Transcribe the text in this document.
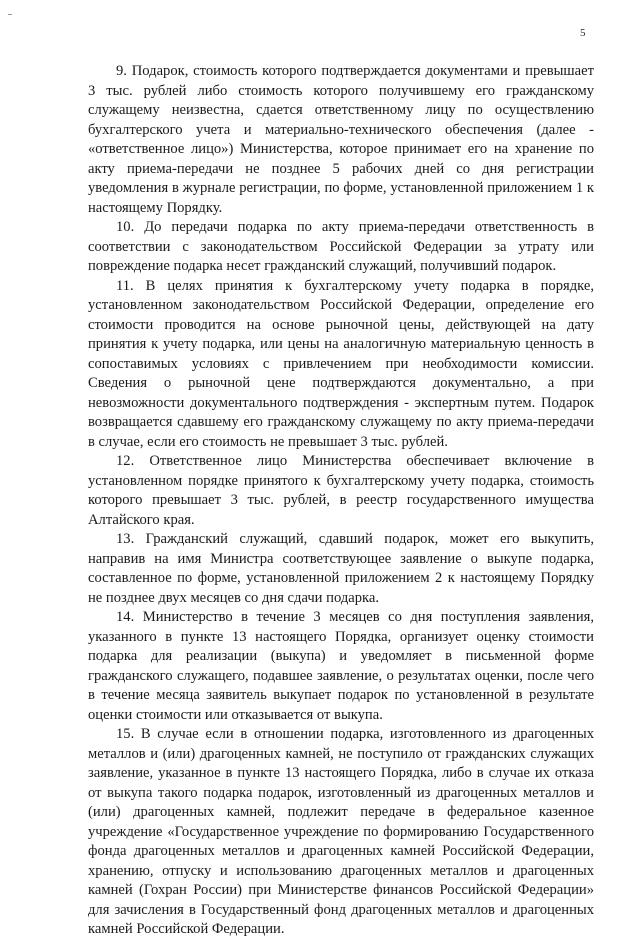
5

9. Подарок, стоимость которого подтверждается документами и превышает 3 тыс. рублей либо стоимость которого получившему его гражданскому служащему неизвестна, сдается ответственному лицу по осуществлению бухгалтерского учета и материально-технического обеспечения (далее - «ответственное лицо») Министерства, которое принимает его на хранение по акту приема-передачи не позднее 5 рабочих дней со дня регистрации уведомления в журнале регистрации, по форме, установленной приложением 1 к настоящему Порядку.

10. До передачи подарка по акту приема-передачи ответственность в соответствии с законодательством Российской Федерации за утрату или повреждение подарка несет гражданский служащий, получивший подарок.

11. В целях принятия к бухгалтерскому учету подарка в порядке, установленном законодательством Российской Федерации, определение его стоимости проводится на основе рыночной цены, действующей на дату принятия к учету подарка, или цены на аналогичную материальную ценность в сопоставимых условиях с привлечением при необходимости комиссии. Сведения о рыночной цене подтверждаются документально, а при невозможности документального подтверждения - экспертным путем. Подарок возвращается сдавшему его гражданскому служащему по акту приема-передачи в случае, если его стоимость не превышает 3 тыс. рублей.

12. Ответственное лицо Министерства обеспечивает включение в установленном порядке принятого к бухгалтерскому учету подарка, стоимость которого превышает 3 тыс. рублей, в реестр государственного имущества Алтайского края.

13. Гражданский служащий, сдавший подарок, может его выкупить, направив на имя Министра соответствующее заявление о выкупе подарка, составленное по форме, установленной приложением 2 к настоящему Порядку не позднее двух месяцев со дня сдачи подарка.

14. Министерство в течение 3 месяцев со дня поступления заявления, указанного в пункте 13 настоящего Порядка, организует оценку стоимости подарка для реализации (выкупа) и уведомляет в письменной форме гражданского служащего, подавшее заявление, о результатах оценки, после чего в течение месяца заявитель выкупает подарок по установленной в результате оценки стоимости или отказывается от выкупа.

15. В случае если в отношении подарка, изготовленного из драгоценных металлов и (или) драгоценных камней, не поступило от гражданских служащих заявление, указанное в пункте 13 настоящего Порядка, либо в случае их отказа от выкупа такого подарка подарок, изготовленный из драгоценных металлов и (или) драгоценных камней, подлежит передаче в федеральное казенное учреждение «Государственное учреждение по формированию Государственного фонда драгоценных металлов и драгоценных камней Российской Федерации, хранению, отпуску и использованию драгоценных металлов и драгоценных камней (Гохран России) при Министерстве финансов Российской Федерации» для зачисления в Государственный фонд драгоценных металлов и драгоценных камней Российской Федерации.
